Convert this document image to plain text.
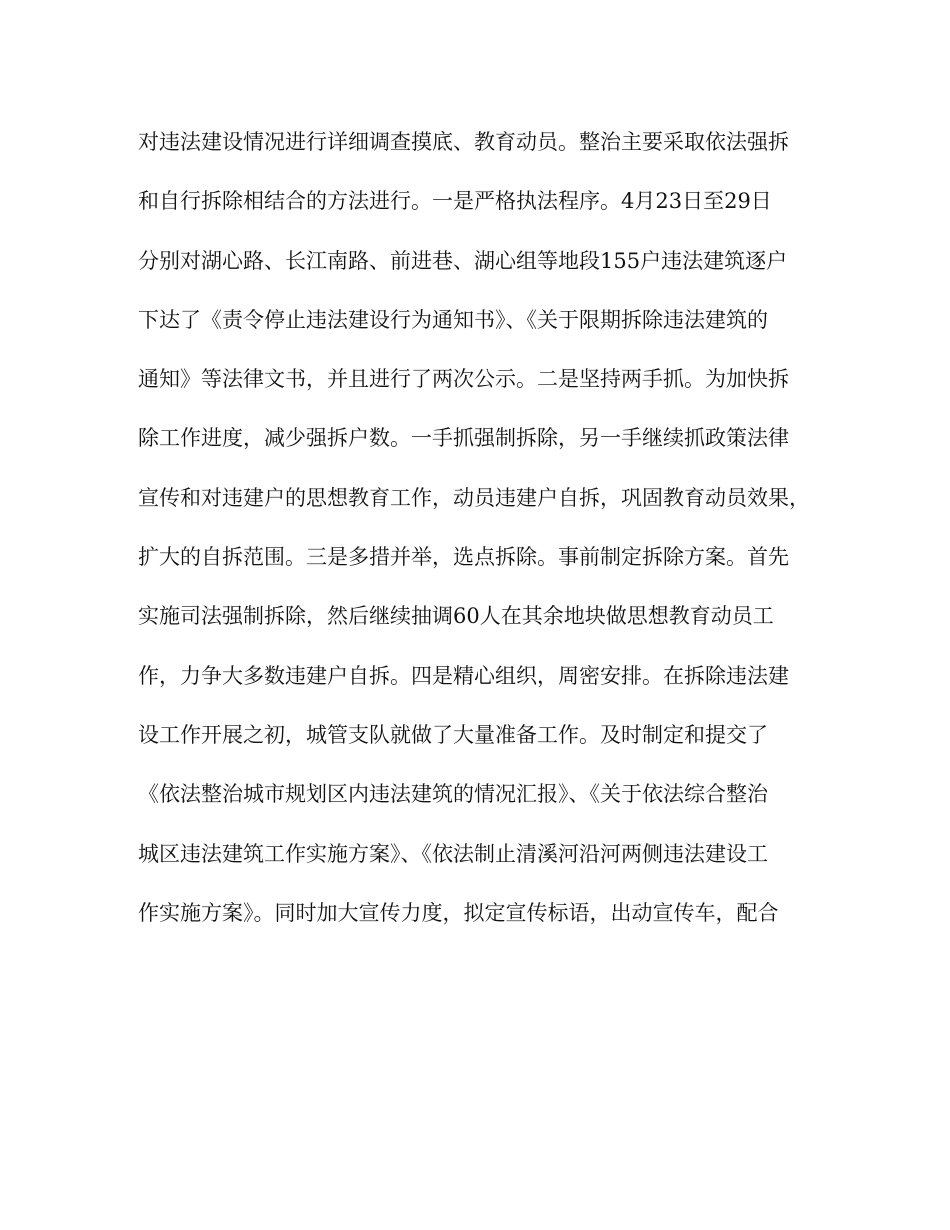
对违法建设情况进行详细调查摸底、教育动员。整治主要采取依法强拆
和自行拆除相结合的方法进行。一是严格执法程序。4月23日至29日
分别对湖心路、长江南路、前进巷、湖心组等地段155户违法建筑逐户
下达了《责令停止违法建设行为通知书》、《关于限期拆除违法建筑的
通知》等法律文书，并且进行了两次公示。二是坚持两手抓。为加快拆
除工作进度，减少强拆户数。一手抓强制拆除，另一手继续抓政策法律
宣传和对违建户的思想教育工作，动员违建户自拆，巩固教育动员效果，
扩大的自拆范围。三是多措并举，选点拆除。事前制定拆除方案。首先
实施司法强制拆除，然后继续抽调60人在其余地块做思想教育动员工
作，力争大多数违建户自拆。四是精心组织，周密安排。在拆除违法建
设工作开展之初，城管支队就做了大量准备工作。及时制定和提交了
《依法整治城市规划区内违法建筑的情况汇报》、《关于依法综合整治
城区违法建筑工作实施方案》、《依法制止清溪河沿河两侧违法建设工
作实施方案》。同时加大宣传力度，拟定宣传标语，出动宣传车，配合
